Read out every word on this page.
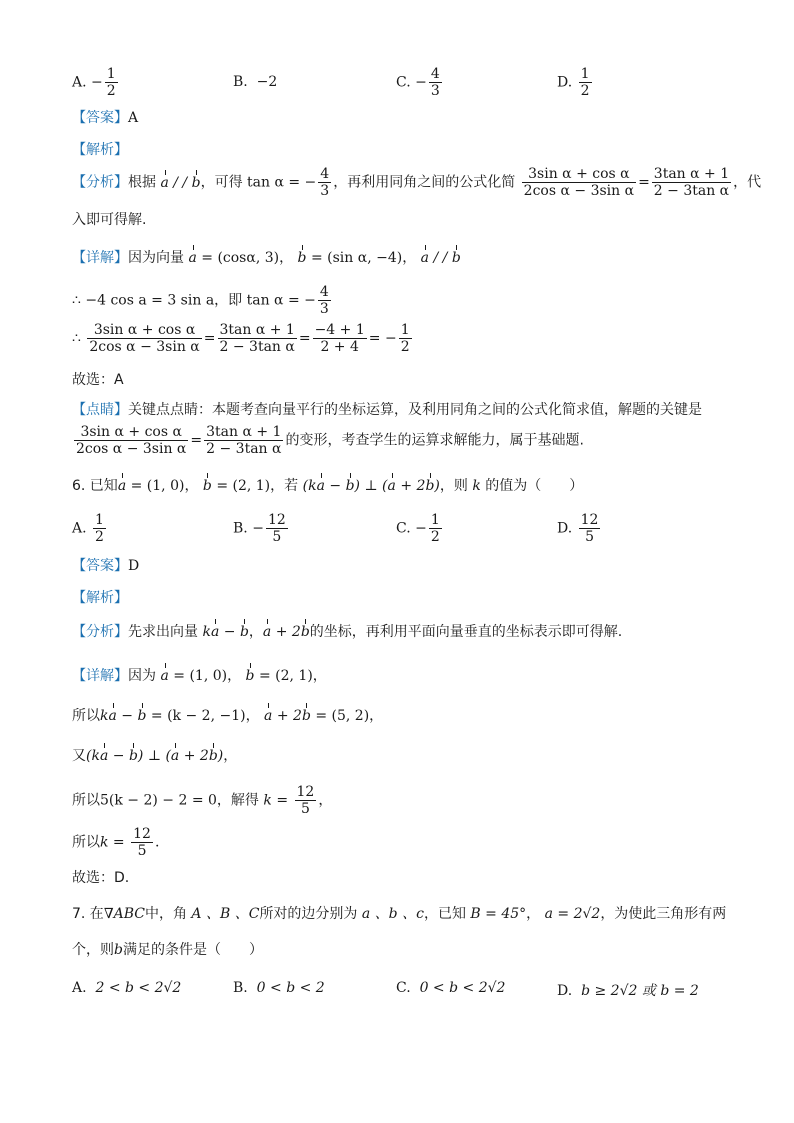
A. − $\frac{1}{2}$	B. −2	C. − $\frac{4}{3}$	D. $\frac{1}{2}$
【答案】A
【解析】
【分析】根据 a / / b，可得 tan α = − $\frac{4}{3}$ ，再利用同角之间的公式化简 $\frac{\text{3sin α + cos α}}{\text{2cos α − 3sin α}} = \frac{\text{3tan α + 1}}{\text{2 − 3tan α}}$ ，代
入即可得解.
【详解】因为向量 a = (cosα, 3)， b = (sin α, −4)， a / / b
∴ −4 cos a = 3 sin a，即 tan α = − $\frac{4}{3}$
∴ $\frac{\text{3sin α + cos α}}{\text{2cos α − 3sin α}} = \frac{\text{3tan α + 1}}{\text{2 − 3tan α}} = \frac{-4 + 1}{2 + 4}$ = − $\frac{1}{2}$
故选：A
【点睛】关键点点睛：本题考查向量平行的坐标运算，及利用同角之间的公式化简求值，解题的关键是
$\frac{\text{3sin α + cos α}}{\text{2cos α − 3sin α}} = \frac{\text{3tan α + 1}}{\text{2 − 3tan α}}$ 的变形，考查学生的运算求解能力，属于基础题.
6. 已知a = (1, 0)， b = (2, 1)，若 (ka − b) ⊥ (a + 2b)，则 k 的值为（　　）
A. $\frac{1}{2}$	B. − $\frac{12}{5}$	C. − $\frac{1}{2}$	D. $\frac{12}{5}$
【答案】D
【解析】
【分析】先求出向量 ka − b，a + 2b的坐标，再利用平面向量垂直的坐标表示即可得解.
【详解】因为 a = (1, 0)， b = (2, 1)，
所以ka − b = (k − 2, −1)， a + 2b = (5, 2)，
又(ka − b) ⊥ (a + 2b)，
所以5(k − 2) − 2 = 0，解得 $k = \frac{12}{5}$ ，
所以$k = \frac{12}{5}$ .
故选：D.
7. 在∇ABC中，角 A 、B 、C所对的边分别为 a 、b 、c，已知 B = 45°， a = 2√2，为使此三角形有两
个，则b满足的条件是（　　）
A. 2 < b < 2√2	B. 0 < b < 2	C. 0 < b < 2√2	D. b ≥ 2√2 或 b = 2
